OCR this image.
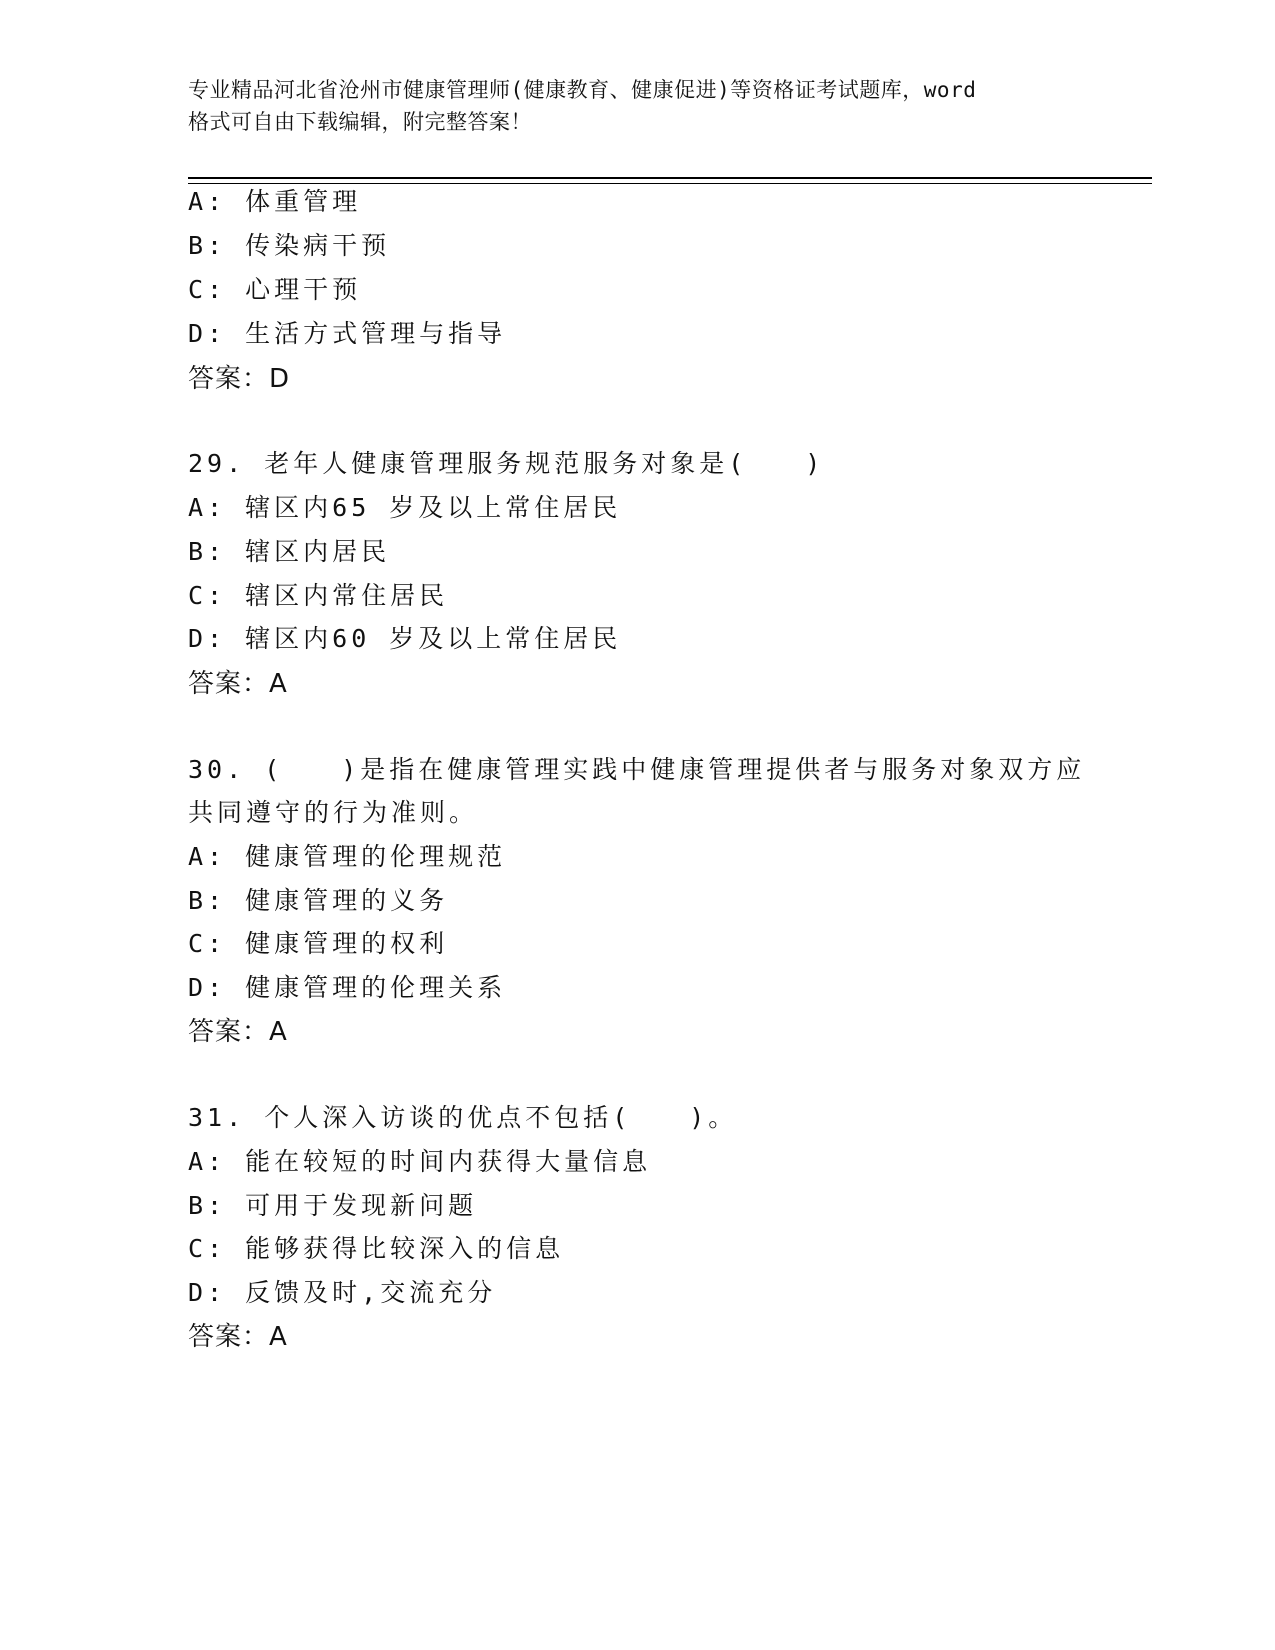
专业精品河北省沧州市健康管理师(健康教育、健康促进)等资格证考试题库，word
格式可自由下载编辑，附完整答案！
A: 体重管理
B: 传染病干预
C: 心理干预
D: 生活方式管理与指导
答案：D
29. 老年人健康管理服务规范服务对象是(　　)
A: 辖区内65 岁及以上常住居民
B: 辖区内居民
C: 辖区内常住居民
D: 辖区内60 岁及以上常住居民
答案：A
30. (　　)是指在健康管理实践中健康管理提供者与服务对象双方应
共同遵守的行为准则。
A: 健康管理的伦理规范
B: 健康管理的义务
C: 健康管理的权利
D: 健康管理的伦理关系
答案：A
31. 个人深入访谈的优点不包括(　　)。
A: 能在较短的时间内获得大量信息
B: 可用于发现新问题
C: 能够获得比较深入的信息
D: 反馈及时,交流充分
答案：A
